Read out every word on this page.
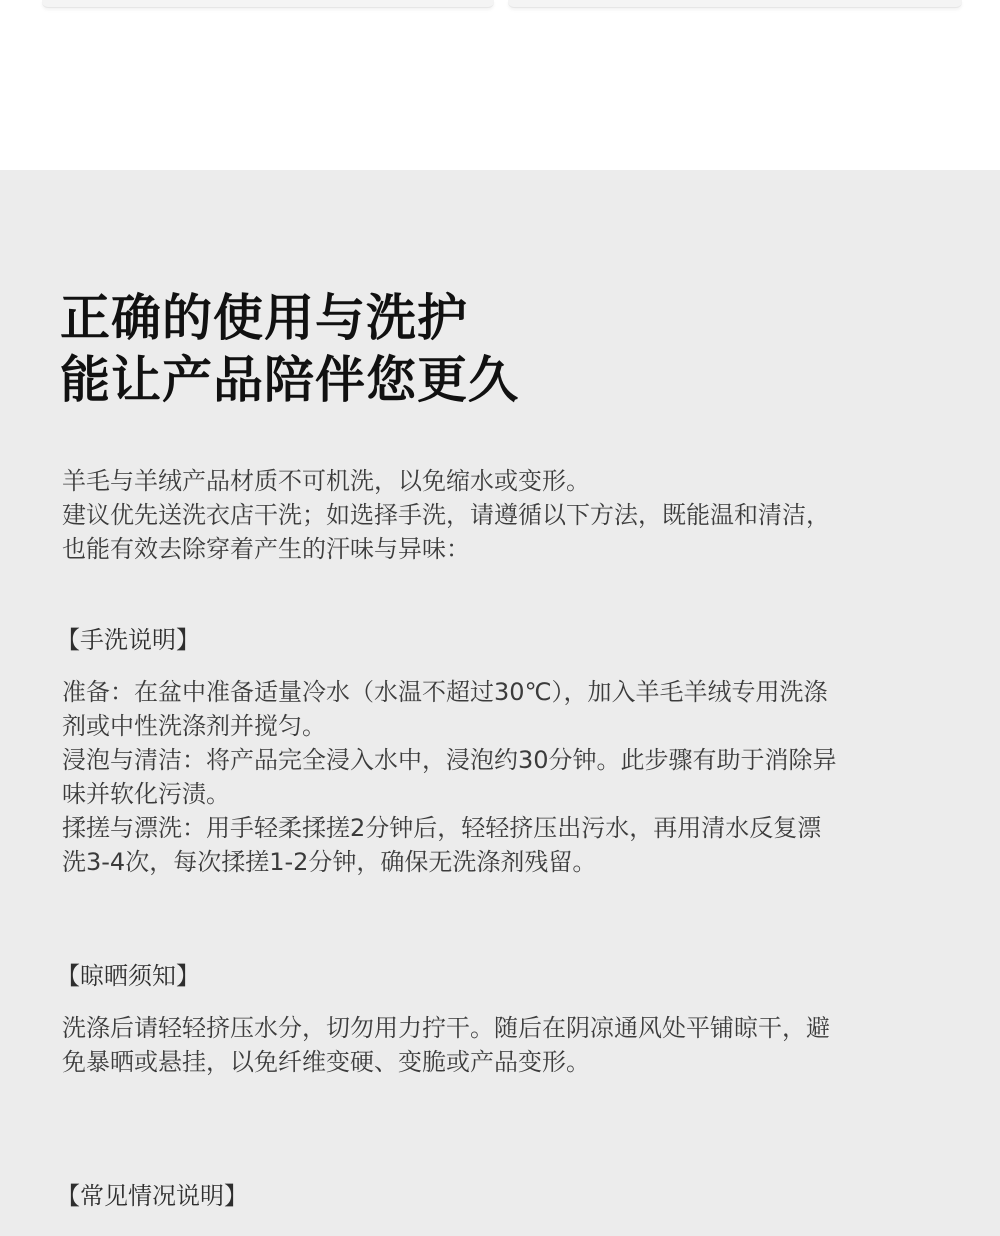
正确的使用与洗护
能让产品陪伴您更久
羊毛与羊绒产品材质不可机洗，以免缩水或变形。
建议优先送洗衣店干洗；如选择手洗，请遵循以下方法，既能温和清洁，
也能有效去除穿着产生的汗味与异味：
【手洗说明】
准备：在盆中准备适量冷水（水温不超过30℃），加入羊毛羊绒专用洗涤
剂或中性洗涤剂并搅匀。
浸泡与清洁：将产品完全浸入水中，浸泡约30分钟。此步骤有助于消除异
味并软化污渍。
揉搓与漂洗：用手轻柔揉搓2分钟后，轻轻挤压出污水，再用清水反复漂
洗3-4次，每次揉搓1-2分钟，确保无洗涤剂残留。
【晾晒须知】
洗涤后请轻轻挤压水分，切勿用力拧干。随后在阴凉通风处平铺晾干，避
免暴晒或悬挂，以免纤维变硬、变脆或产品变形。
【常见情况说明】
